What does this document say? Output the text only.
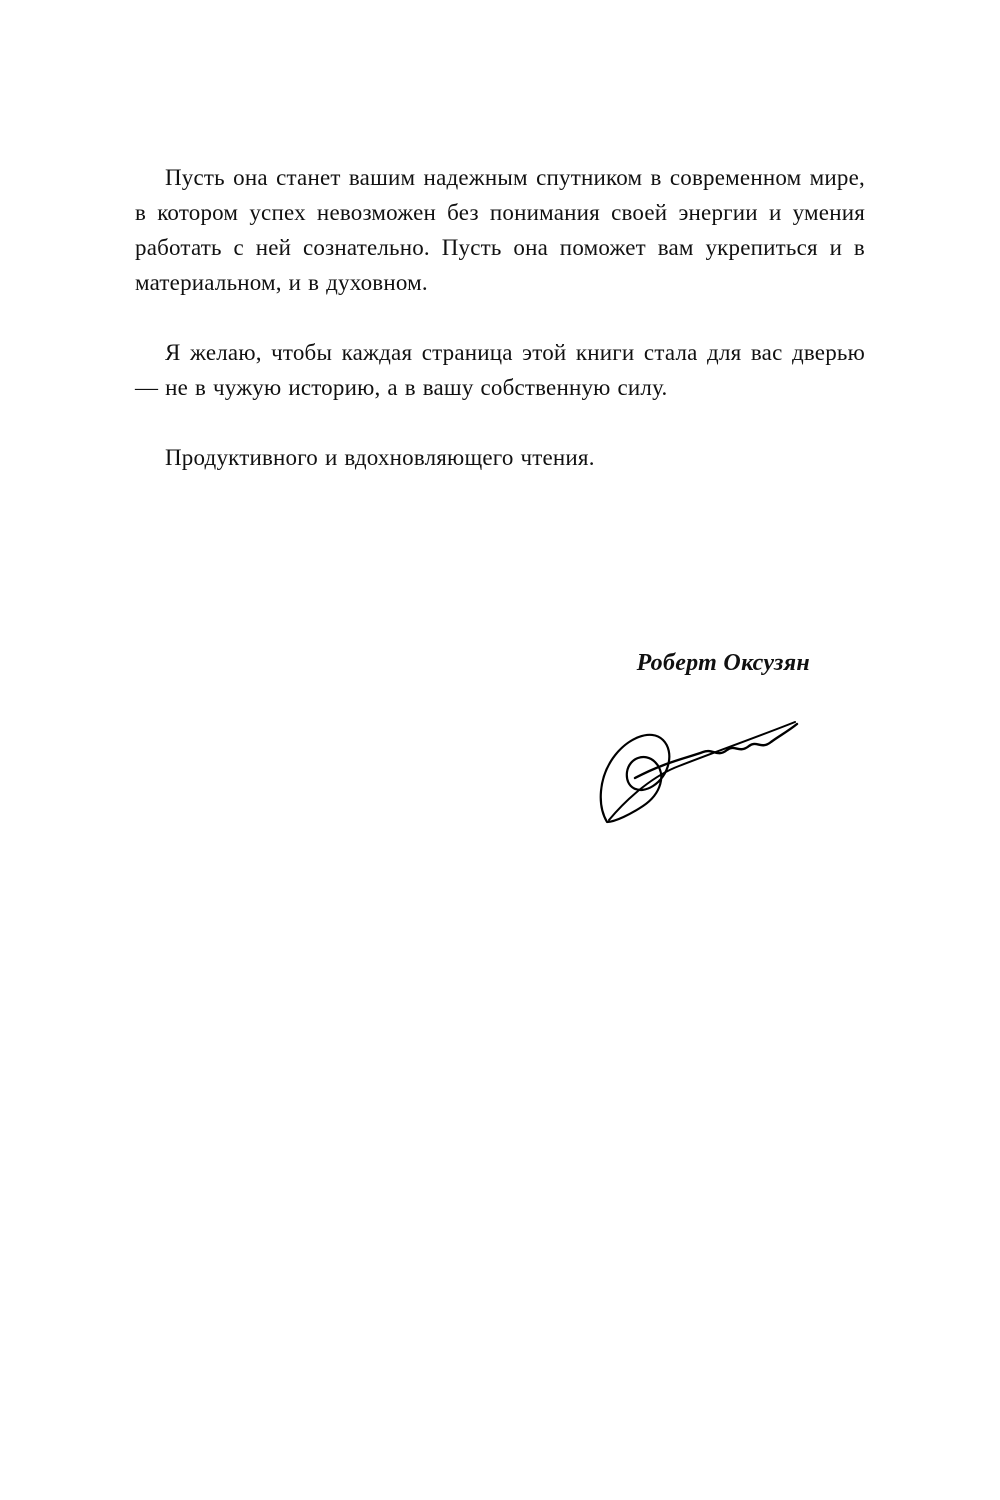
Пусть она станет вашим надежным спутником в современном мире, в котором успех невозможен без понимания своей энергии и умения работать с ней сознательно. Пусть она поможет вам укрепиться и в материальном, и в духовном.

Я желаю, чтобы каждая страница этой книги стала для вас дверью — не в чужую историю, а в вашу собственную силу.

Продуктивного и вдохновляющего чтения.

Роберт Оксузян
